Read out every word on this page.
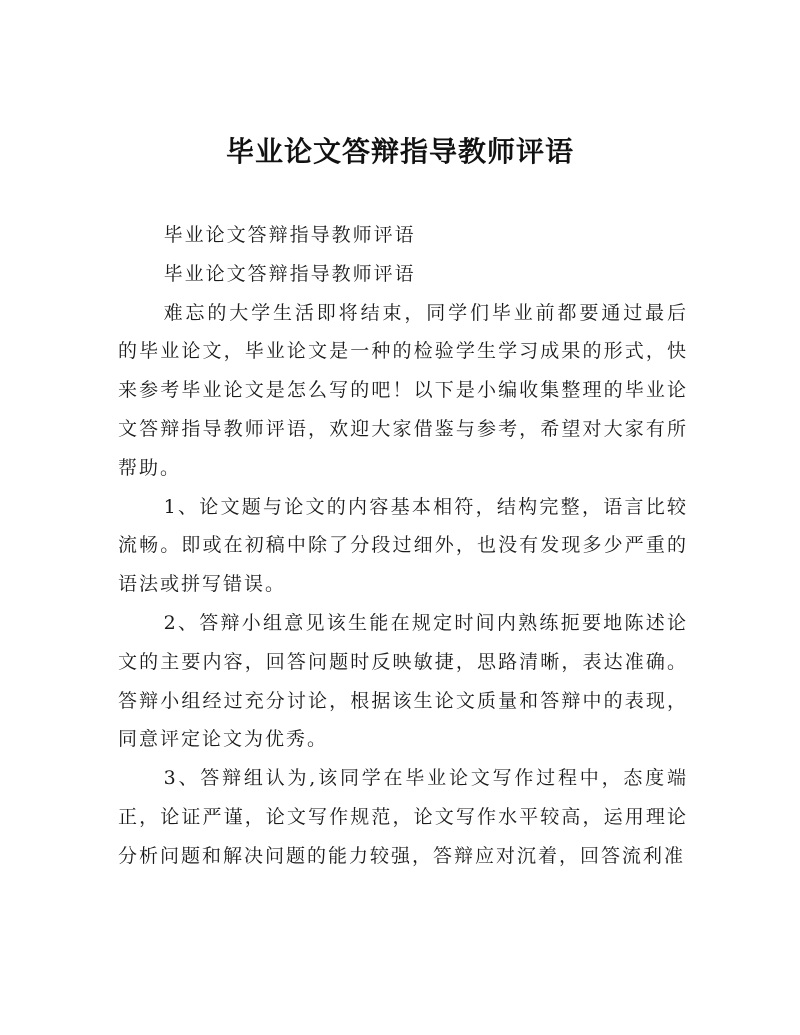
毕业论文答辩指导教师评语

毕业论文答辩指导教师评语

毕业论文答辩指导教师评语

难忘的大学生活即将结束，同学们毕业前都要通过最后的毕业论文，毕业论文是一种的检验学生学习成果的形式，快来参考毕业论文是怎么写的吧！以下是小编收集整理的毕业论文答辩指导教师评语，欢迎大家借鉴与参考，希望对大家有所帮助。

1、论文题与论文的内容基本相符，结构完整，语言比较流畅。即或在初稿中除了分段过细外，也没有发现多少严重的语法或拼写错误。

2、答辩小组意见该生能在规定时间内熟练扼要地陈述论文的主要内容，回答问题时反映敏捷，思路清晰，表达准确。答辩小组经过充分讨论，根据该生论文质量和答辩中的表现，同意评定论文为优秀。

3、答辩组认为,该同学在毕业论文写作过程中，态度端正，论证严谨，论文写作规范，论文写作水平较高，运用理论分析问题和解决问题的能力较强，答辩应对沉着，回答流利准
